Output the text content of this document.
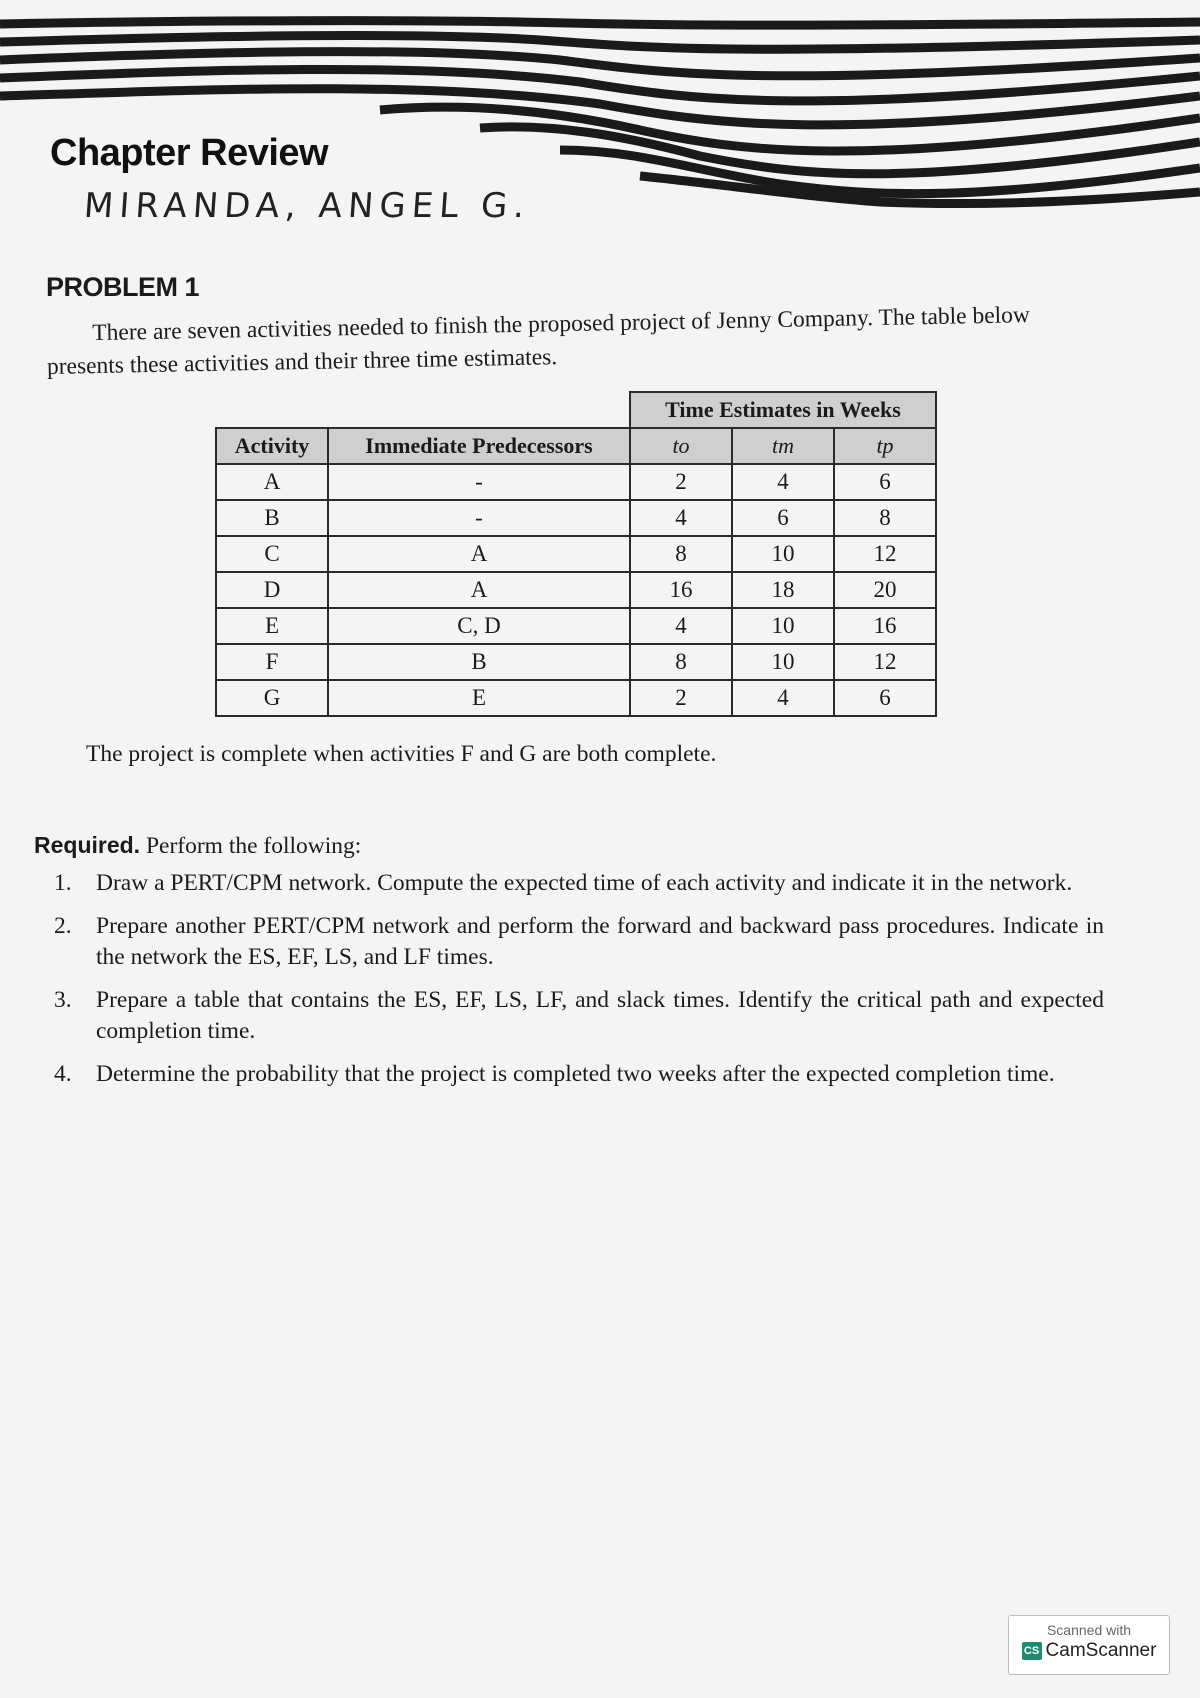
Chapter Review
MIRANDA, ANGEL G.
PROBLEM 1
There are seven activities needed to finish the proposed project of Jenny Company. The table below presents these activities and their three time estimates.
		Time Estimates in Weeks		
Activity	Immediate Predecessors	to	tm	tp
A	-	2	4	6
B	-	4	6	8
C	A	8	10	12
D	A	16	18	20
E	C, D	4	10	16
F	B	8	10	12
G	E	2	4	6
The project is complete when activities F and G are both complete.
Required. Perform the following:
1. Draw a PERT/CPM network. Compute the expected time of each activity and indicate it in the network.
2. Prepare another PERT/CPM network and perform the forward and backward pass procedures. Indicate in the network the ES, EF, LS, and LF times.
3. Prepare a table that contains the ES, EF, LS, LF, and slack times. Identify the critical path and expected completion time.
4. Determine the probability that the project is completed two weeks after the expected completion time.
Scanned with
CS CamScanner
